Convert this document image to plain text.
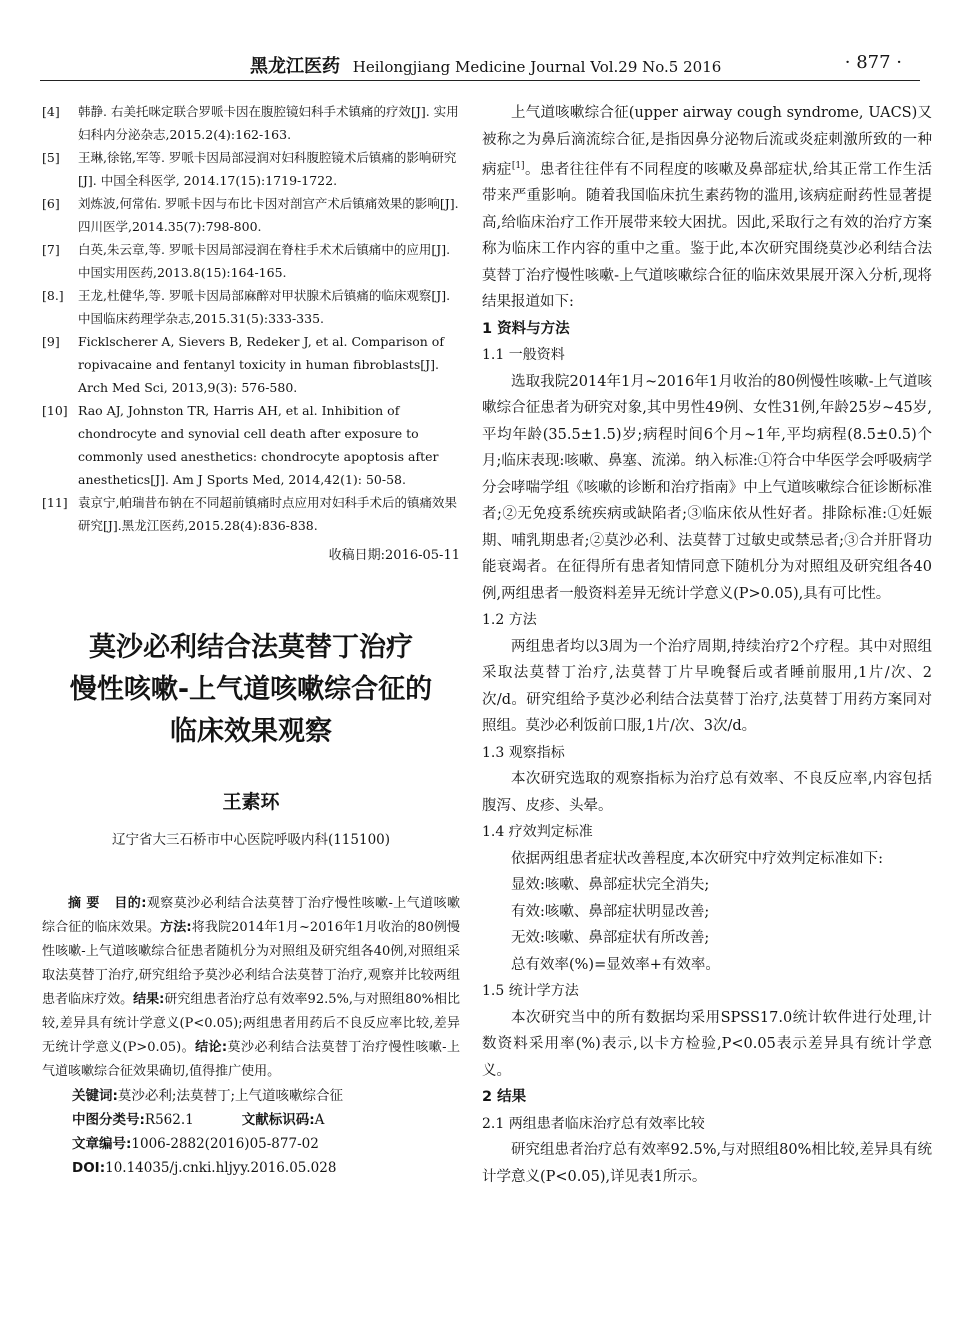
黑龙江医药 Heilongjiang Medicine Journal Vol.29 No.5 2016	· 877 ·
[4]	韩静. 右美托咪定联合罗哌卡因在腹腔镜妇科手术镇痛的疗效[J]. 实用妇科内分泌杂志,2015.2(4):162-163.
[5]	王琳,徐铭,军等. 罗哌卡因局部浸润对妇科腹腔镜术后镇痛的影响研究[J]. 中国全科医学, 2014.17(15):1719-1722.
[6]	刘炼波,何常佑. 罗哌卡因与布比卡因对剖宫产术后镇痛效果的影响[J]. 四川医学,2014.35(7):798-800.
[7]	白英,朱云章,等. 罗哌卡因局部浸润在脊柱手术术后镇痛中的应用[J]. 中国实用医药,2013.8(15):164-165.
[8.]	王龙,杜健华,等. 罗哌卡因局部麻醉对甲状腺术后镇痛的临床观察[J]. 中国临床药理学杂志,2015.31(5):333-335.
[9]	Ficklscherer A, Sievers B, Redeker J, et al. Comparison of ropivacaine and fentanyl toxicity in human fibroblasts[J]. Arch Med Sci, 2013,9(3): 576-580.
[10] Rao AJ, Johnston TR, Harris AH, et al. Inhibition of chondrocyte and synovial cell death after exposure to commonly used anesthetics: chondrocyte apoptosis after anesthetics[J]. Am J Sports Med, 2014,42(1): 50-58.
[11] 袁京宁,帕瑞昔布钠在不同超前镇痛时点应用对妇科手术后的镇痛效果研究[J].黑龙江医药,2015.28(4):836-838.
收稿日期:2016-05-11
莫沙必利结合法莫替丁治疗
慢性咳嗽-上气道咳嗽综合征的
临床效果观察
王素环
辽宁省大三石桥市中心医院呼吸内科(115100)
摘 要 目的:观察莫沙必利结合法莫替丁治疗慢性咳嗽-上气道咳嗽综合征的临床效果。方法:将我院2014年1月~2016年1月收治的80例慢性咳嗽-上气道咳嗽综合征患者随机分为对照组及研究组各40例,对照组采取法莫替丁治疗,研究组给予莫沙必利结合法莫替丁治疗,观察并比较两组患者临床疗效。结果:研究组患者治疗总有效率92.5%,与对照组80%相比较,差异具有统计学意义(P<0.05);两组患者用药后不良反应率比较,差异无统计学意义(P>0.05)。结论:莫沙必利结合法莫替丁治疗慢性咳嗽-上气道咳嗽综合征效果确切,值得推广使用。
关键词:莫沙必利;法莫替丁;上气道咳嗽综合征
中图分类号:R562.1	文献标识码:A
文章编号:1006-2882(2016)05-877-02
DOI:10.14035/j.cnki.hljyy.2016.05.028

上气道咳嗽综合征(upper airway cough syndrome, UACS)又被称之为鼻后滴流综合征,是指因鼻分泌物后流或炎症刺激所致的一种病症[1]。患者往往伴有不同程度的咳嗽及鼻部症状,给其正常工作生活带来严重影响。随着我国临床抗生素药物的滥用,该病症耐药性显著提高,给临床治疗工作开展带来较大困扰。因此,采取行之有效的治疗方案称为临床工作内容的重中之重。鉴于此,本次研究围绕莫沙必利结合法莫替丁治疗慢性咳嗽-上气道咳嗽综合征的临床效果展开深入分析,现将结果报道如下:

1 资料与方法
1.1 一般资料

选取我院2014年1月~2016年1月收治的80例慢性咳嗽-上气道咳嗽综合征患者为研究对象,其中男性49例、女性31例,年龄25岁~45岁,平均年龄(35.5±1.5)岁;病程时间6个月~1年,平均病程(8.5±0.5)个月;临床表现:咳嗽、鼻塞、流涕。纳入标准:①符合中华医学会呼吸病学分会哮喘学组《咳嗽的诊断和治疗指南》中上气道咳嗽综合征诊断标准者;②无免疫系统疾病或缺陷者;③临床依从性好者。排除标准:①妊娠期、哺乳期患者;②莫沙必利、法莫替丁过敏史或禁忌者;③合并肝肾功能衰竭者。在征得所有患者知情同意下随机分为对照组及研究组各40例,两组患者一般资料差异无统计学意义(P>0.05),具有可比性。

1.2 方法

两组患者均以3周为一个治疗周期,持续治疗2个疗程。其中对照组采取法莫替丁治疗,法莫替丁片早晚餐后或者睡前服用,1片/次、2次/d。研究组给予莫沙必利结合法莫替丁治疗,法莫替丁用药方案同对照组。莫沙必利饭前口服,1片/次、3次/d。

1.3 观察指标

本次研究选取的观察指标为治疗总有效率、不良反应率,内容包括腹泻、皮疹、头晕。

1.4 疗效判定标准

依据两组患者症状改善程度,本次研究中疗效判定标准如下:

显效:咳嗽、鼻部症状完全消失;
有效:咳嗽、鼻部症状明显改善;
无效:咳嗽、鼻部症状有所改善;
总有效率(%)=显效率+有效率。
1.5 统计学方法

本次研究当中的所有数据均采用SPSS17.0统计软件进行处理,计数资料采用率(%)表示,以卡方检验,P<0.05表示差异具有统计学意义。

2 结果
2.1 两组患者临床治疗总有效率比较

研究组患者治疗总有效率92.5%,与对照组80%相比较,差异具有统计学意义(P<0.05),详见表1所示。
